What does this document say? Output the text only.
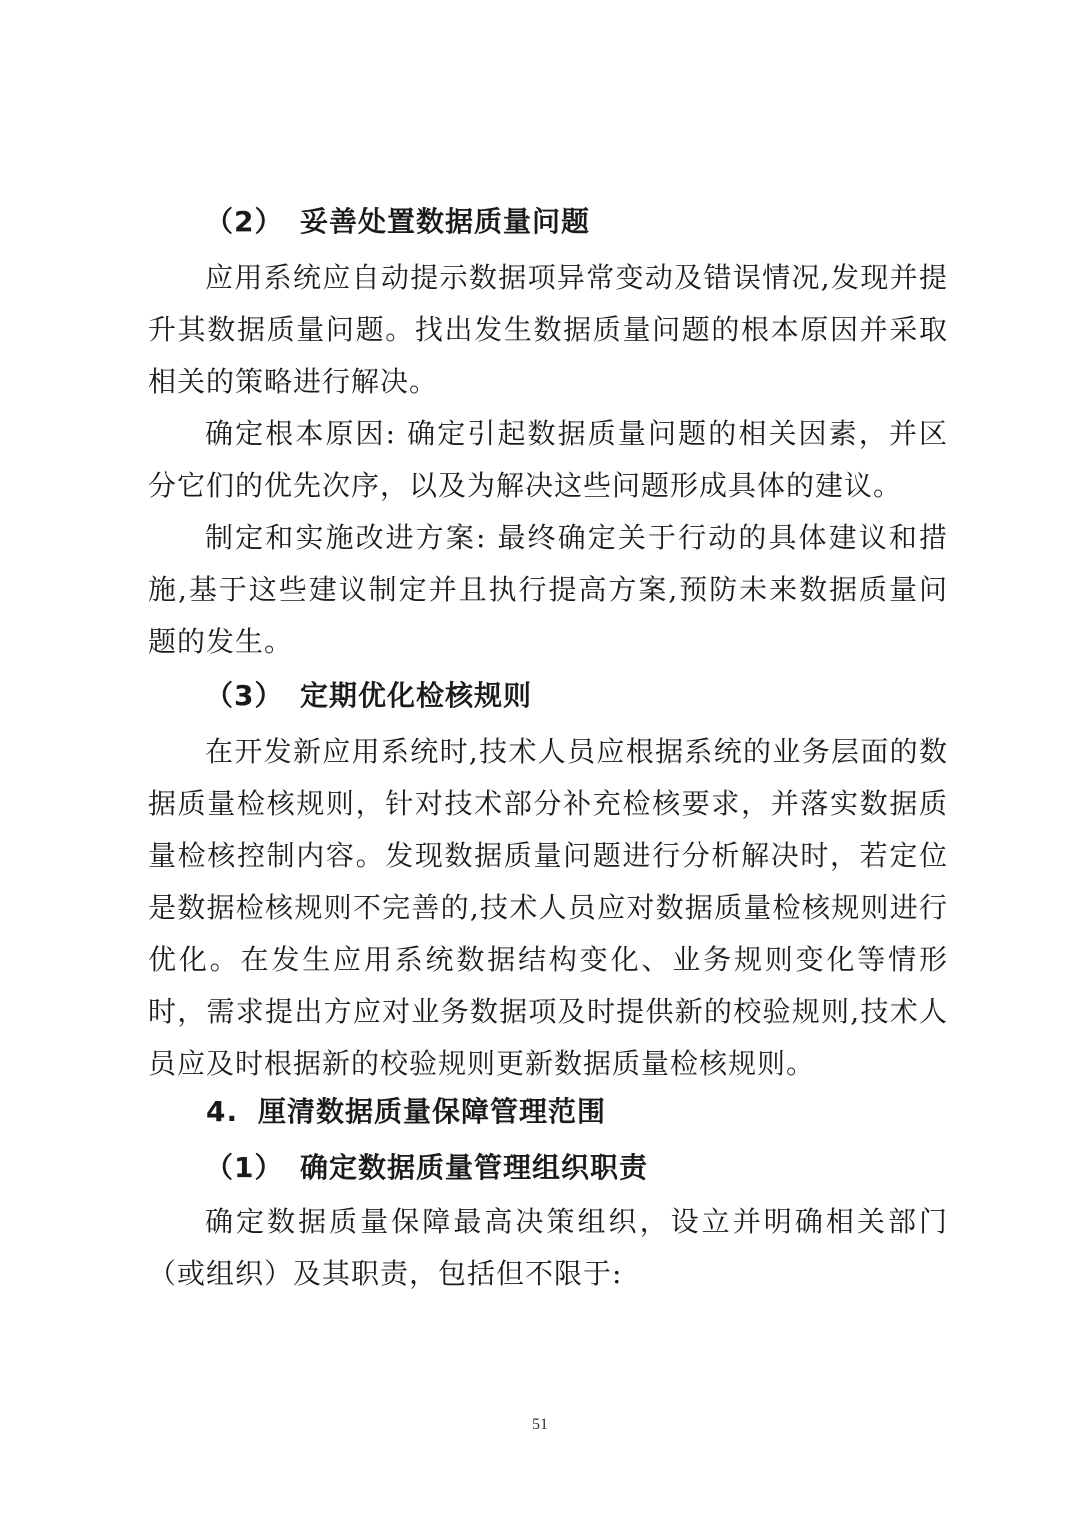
（2） 妥善处置数据质量问题

应用系统应自动提示数据项异常变动及错误情况,发现并提升其数据质量问题。找出发生数据质量问题的根本原因并采取相关的策略进行解决。

确定根本原因: 确定引起数据质量问题的相关因素，并区分它们的优先次序，以及为解决这些问题形成具体的建议。

制定和实施改进方案: 最终确定关于行动的具体建议和措施,基于这些建议制定并且执行提高方案,预防未来数据质量问题的发生。

（3） 定期优化检核规则

在开发新应用系统时,技术人员应根据系统的业务层面的数据质量检核规则，针对技术部分补充检核要求，并落实数据质量检核控制内容。发现数据质量问题进行分析解决时，若定位是数据检核规则不完善的,技术人员应对数据质量检核规则进行优化。在发生应用系统数据结构变化、业务规则变化等情形时，需求提出方应对业务数据项及时提供新的校验规则,技术人员应及时根据新的校验规则更新数据质量检核规则。

4. 厘清数据质量保障管理范围
（1） 确定数据质量管理组织职责

确定数据质量保障最高决策组织，设立并明确相关部门（或组织）及其职责，包括但不限于:

51
